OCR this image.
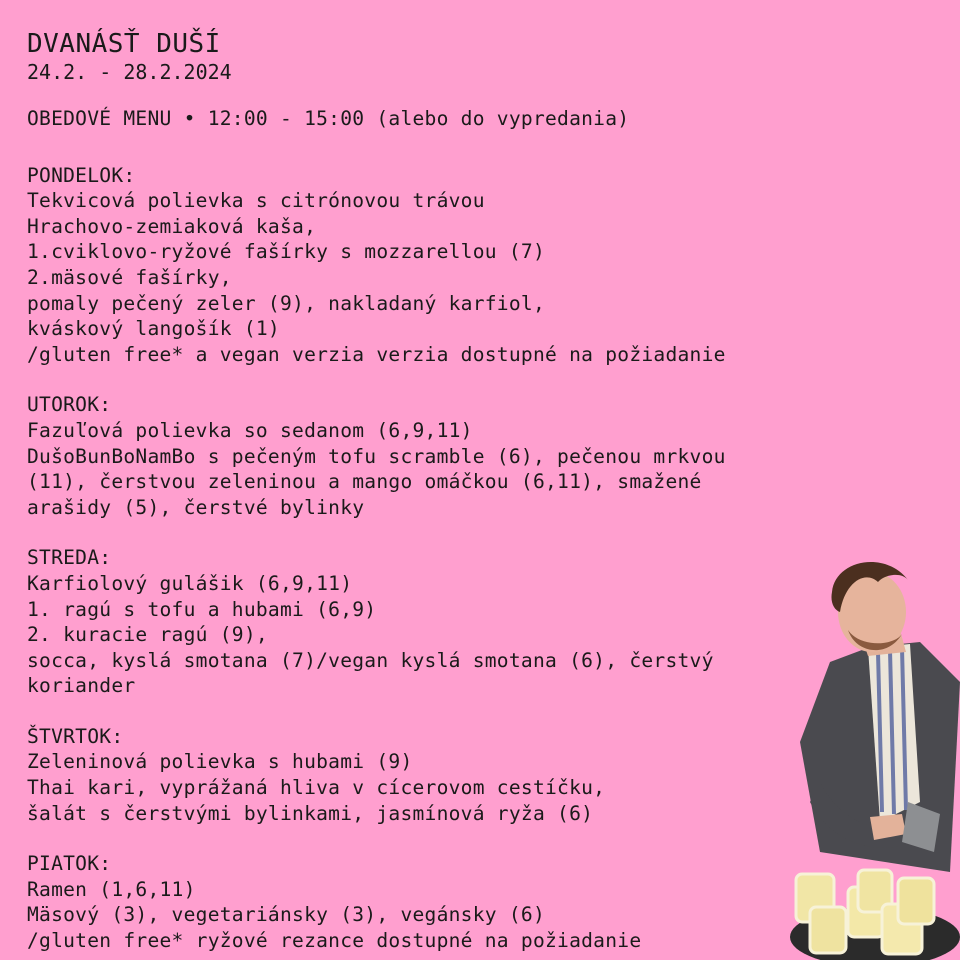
DVANÁSŤ DUŠÍ
24.2. - 28.2.2024
OBEDOVÉ MENU • 12:00 - 15:00 (alebo do vypredania)
PONDELOK:
Tekvicová polievka s citrónovou trávou
Hrachovo-zemiaková kaša,
1.cviklovo-ryžové fašírky s mozzarellou (7)
2.mäsové fašírky,
pomaly pečený zeler (9), nakladaný karfiol,
kváskový langošík (1)
/gluten free* a vegan verzia verzia dostupné na požiadanie
UTOROK:
Fazuľová polievka so sedanom (6,9,11)
DušoBunBoNamBo s pečeným tofu scramble (6), pečenou mrkvou
(11), čerstvou zeleninou a mango omáčkou (6,11), smažené
arašidy (5), čerstvé bylinky
STREDA:
Karfiolový gulášik (6,9,11)
1. ragú s tofu a hubami (6,9)
2. kuracie ragú (9),
socca, kyslá smotana (7)/vegan kyslá smotana (6), čerstvý
koriander
ŠTVRTOK:
Zeleninová polievka s hubami (9)
Thai kari, vyprážaná hliva v cícerovom cestíčku,
šalát s čerstvými bylinkami, jasmínová ryža (6)
PIATOK:
Ramen (1,6,11)
Mäsový (3), vegetariánsky (3), vegánsky (6)
/gluten free* ryžové rezance dostupné na požiadanie
